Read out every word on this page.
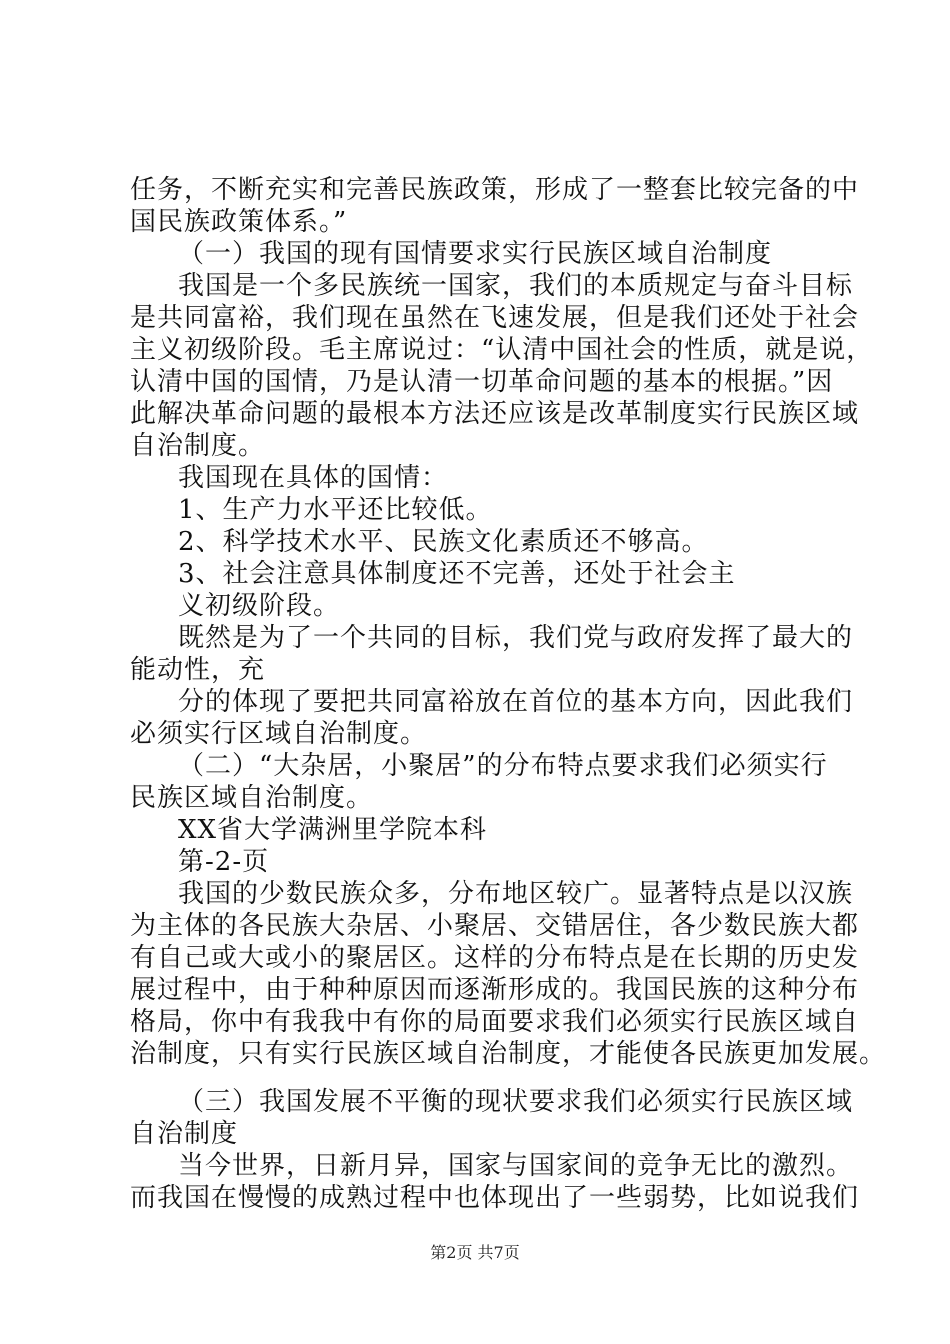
任务，不断充实和完善民族政策，形成了一整套比较完备的中
国民族政策体系。”
（一）我国的现有国情要求实行民族区域自治制度
我国是一个多民族统一国家，我们的本质规定与奋斗目标
是共同富裕，我们现在虽然在飞速发展，但是我们还处于社会
主义初级阶段。毛主席说过：“认清中国社会的性质，就是说，
认清中国的国情，乃是认清一切革命问题的基本的根据。”因
此解决革命问题的最根本方法还应该是改革制度实行民族区域
自治制度。
我国现在具体的国情：
1、生产力水平还比较低。
2、科学技术水平、民族文化素质还不够高。
3、社会注意具体制度还不完善，还处于社会主
义初级阶段。
既然是为了一个共同的目标，我们党与政府发挥了最大的
能动性，充
分的体现了要把共同富裕放在首位的基本方向，因此我们
必须实行区域自治制度。
（二）“大杂居，小聚居”的分布特点要求我们必须实行
民族区域自治制度。
XX省大学满洲里学院本科
第-2-页
我国的少数民族众多，分布地区较广。显著特点是以汉族
为主体的各民族大杂居、小聚居、交错居住，各少数民族大都
有自己或大或小的聚居区。这样的分布特点是在长期的历史发
展过程中，由于种种原因而逐渐形成的。我国民族的这种分布
格局，你中有我我中有你的局面要求我们必须实行民族区域自
治制度，只有实行民族区域自治制度，才能使各民族更加发展。
（三）我国发展不平衡的现状要求我们必须实行民族区域
自治制度
当今世界，日新月异，国家与国家间的竞争无比的激烈。
而我国在慢慢的成熟过程中也体现出了一些弱势，比如说我们
第2页 共7页
